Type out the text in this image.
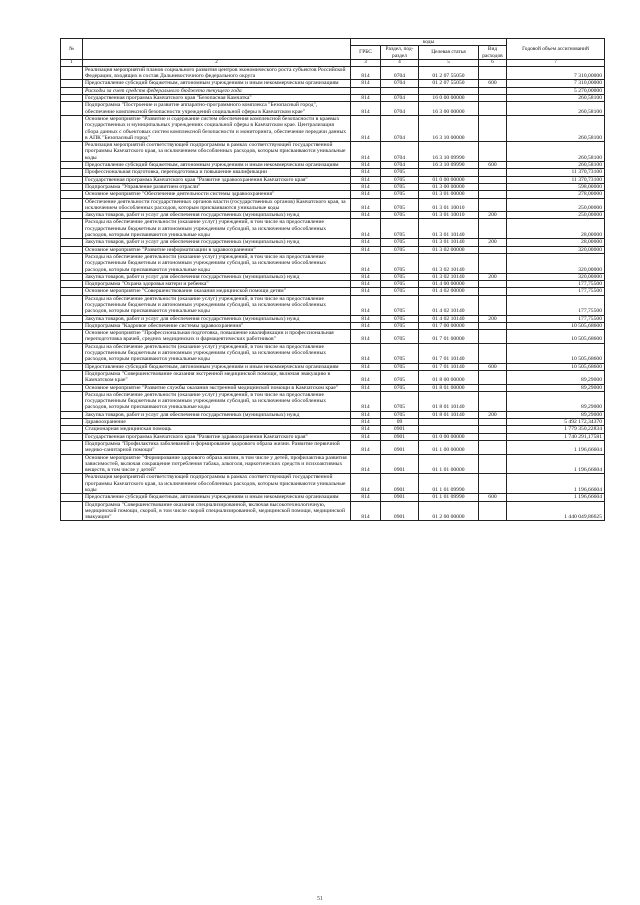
№		коды				Годовой объем ассигнований
		ГРБС	Раздел, под-раздел	Целевая статья	Вид расходов	
1	2	3	4	5	6	7
	Реализация мероприятий планов социального развития центров экономического роста субъектов Российской Федерации, входящих в состав Дальневосточного федерального округа	814	0704	01 2 07 55050		7 310,00000
	Предоставление субсидий бюджетным, автономным учреждениям и иным некоммерческим организациям	814	0704	01 2 07 55050	600	7 310,00000
	Расходы за счет средств федерального бюджета текущего года					5 270,00000
	Государственная программа Камчатского края "Безопасная Камчатка"	814	0704	16 0 00 00000		260,58100
	Подпрограмма "Построение и развитие аппаратно-программного комплекса "Безопасный город", обеспечение комплексной безопасности учреждений социальной сферы в Камчатском крае"	814	0704	16 3 00 00000		260,58100
	Основное мероприятие "Развитие и содержание систем обеспечения комплексной безопасности в краевых государственных и муниципальных учреждениях социальной сферы в Камчатском крае. Централизация сбора данных с объектовых систем комплексной безопасности и мониторинга, обеспечение передачи данных в АПК "Безопасный город"	814	0704	16 3 10 00000		260,58100
	Реализация мероприятий соответствующей подпрограммы в рамках соответствующей государственной программы Камчатского края, за исключением обособленных расходов, которым присваиваются уникальные коды	814	0704	16 3 10 09990		260,58100
	Предоставление субсидий бюджетным, автономным учреждениям и иным некоммерческим организациям	814	0704	16 3 10 09990	600	260,58100
	Профессиональная подготовка, переподготовка и повышение квалификации	814	0705			11 370,73100
	Государственная программа Камчатского края "Развитие здравоохранения Камчатского края"	814	0705	01 0 00 00000		11 370,73100
	Подпрограмма "Управление развитием отрасли"	814	0705	01 3 00 00000		598,00000
	Основное мероприятие "Обеспечение деятельности системы здравоохранения"	814	0705	01 3 01 00000		278,00000
	Обеспечение деятельности государственных органов власти (государственных органов) Камчатского края, за исключением обособленных расходов, которым присваиваются уникальные коды	814	0705	01 3 01 10010		250,00000
	Закупка товаров, работ и услуг для обеспечения государственных (муниципальных) нужд	814	0705	01 3 01 10010	200	250,00000
	Расходы на обеспечение деятельности (оказание услуг) учреждений, в том числе на предоставление государственным бюджетным и автономным учреждениям субсидий, за исключением обособленных расходов, которым присваиваются уникальные коды	814	0705	01 3 01 10140		28,00000
	Закупка товаров, работ и услуг для обеспечения государственных (муниципальных) нужд	814	0705	01 3 01 10140	200	28,00000
	Основное мероприятие "Развитие информатизации в здравоохранении"	814	0705	01 3 02 00000		320,00000
	Расходы на обеспечение деятельности (оказание услуг) учреждений, в том числе на предоставление государственным бюджетным и автономным учреждениям субсидий, за исключением обособленных расходов, которым присваиваются уникальные коды	814	0705	01 3 02 10140		320,00000
	Закупка товаров, работ и услуг для обеспечения государственных (муниципальных) нужд	814	0705	01 3 02 10140	200	320,00000
	Подпрограмма "Охрана здоровья матери и ребенка"	814	0705	01 4 00 00000		177,75500
	Основное мероприятие "Совершенствование оказания медицинской помощи детям"	814	0705	01 4 02 00000		177,75500
	Расходы на обеспечение деятельности (оказание услуг) учреждений, в том числе на предоставление государственным бюджетным и автономным учреждениям субсидий, за исключением обособленных расходов, которым присваиваются уникальные коды	814	0705	01 4 02 10140		177,75500
	Закупка товаров, работ и услуг для обеспечения государственных (муниципальных) нужд	814	0705	01 4 02 10140	200	177,75500
	Подпрограмма "Кадровое обеспечение системы здравоохранения"	814	0705	01 7 00 00000		10 505,68600
	Основное мероприятие "Профессиональная подготовка, повышение квалификации и профессиональная переподготовка врачей, средних медицинских и фармацевтических работников"	814	0705	01 7 01 00000		10 505,68600
	Расходы на обеспечение деятельности (оказание услуг) учреждений, в том числе на предоставление государственным бюджетным и автономным учреждениям субсидий, за исключением обособленных расходов, которым присваиваются уникальные коды	814	0705	01 7 01 10140		10 505,68600
	Предоставление субсидий бюджетным, автономным учреждениям и иным некоммерческим организациям	814	0705	01 7 01 10140	600	10 505,68600
	Подпрограмма "Совершенствование оказания экстренной медицинской помощи, включая эвакуацию в Камчатском крае"	814	0705	01 8 00 00000		89,29000
	Основное мероприятие "Развитие службы оказания экстренной медицинской помощи в Камчатском крае"	814	0705	01 8 01 00000		89,29000
	Расходы на обеспечение деятельности (оказание услуг) учреждений, в том числе на предоставление государственным бюджетным и автономным учреждениям субсидий, за исключением обособленных расходов, которым присваиваются уникальные коды	814	0705	01 8 01 10140		89,29000
	Закупка товаров, работ и услуг для обеспечения государственных (муниципальных) нужд	814	0705	01 8 01 10140	200	89,29000
	Здравоохранение	814	09			5 492 172,34370
	Стационарная медицинская помощь	814	0901			1 779 350,22834
	Государственная программа Камчатского края "Развитие здравоохранения Камчатского края"	814	0901	01 0 00 00000		1 740 291,17581
	Подпрограмма "Профилактика заболеваний и формирование здорового образа жизни. Развитие первичной медико-санитарной помощи"	814	0901	01 1 00 00000		1 196,66604
	Основное мероприятие "Формирование здорового образа жизни, в том числе у детей, профилактика развития зависимостей, включая сокращение потребления табака, алкоголя, наркотических средств и психоактивных веществ, в том числе у детей"	814	0901	01 1 01 00000		1 196,66604
	Реализация мероприятий соответствующей подпрограммы в рамках соответствующей государственной программы Камчатского края, за исключением обособленных расходов, которым присваиваются уникальные коды	814	0901	01 1 01 09990		1 196,66604
	Предоставление субсидий бюджетным, автономным учреждениям и иным некоммерческим организациям	814	0901	01 1 01 09990	600	1 196,66604
	Подпрограмма "Совершенствование оказания специализированной, включая высокотехнологичную, медицинской помощи, скорой, в том числе скорой специализированной, медицинской помощи, медицинской эвакуации"	814	0901	01 2 00 00000		1 440 049,86625
51
